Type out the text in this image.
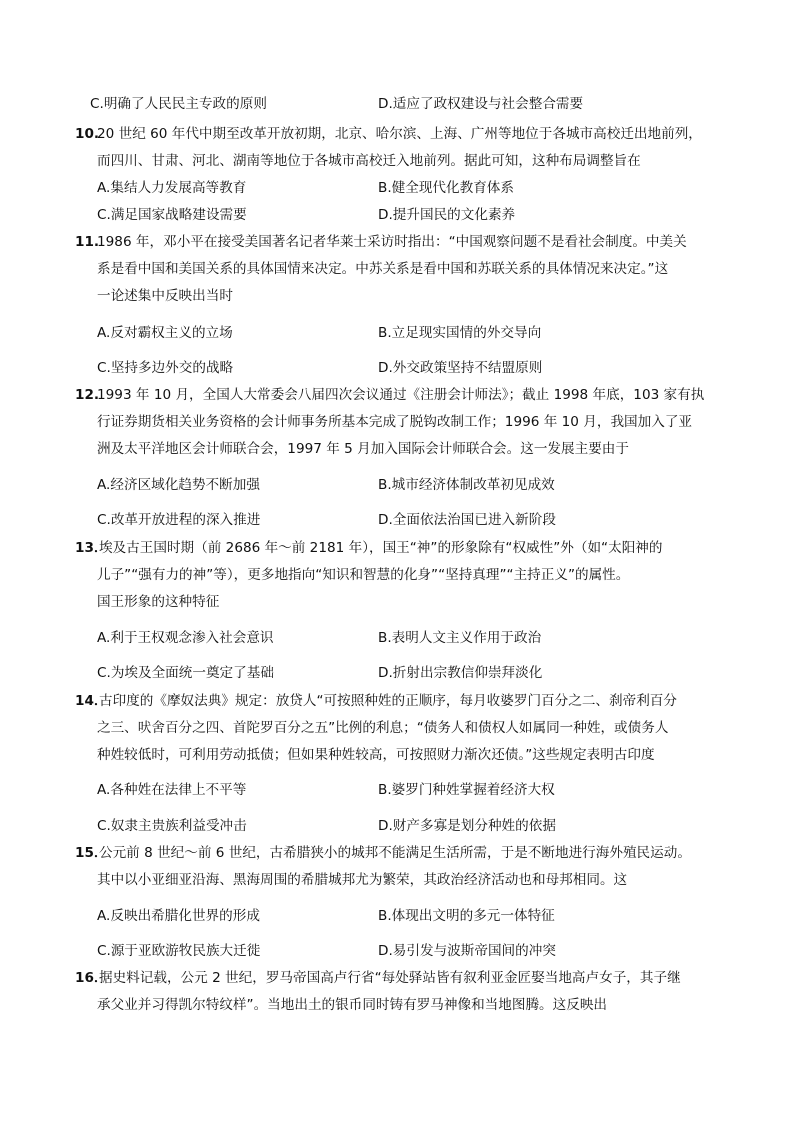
C.明确了人民民主专政的原则	D.适应了政权建设与社会整合需要
10.
20 世纪 60 年代中期至改革开放初期，北京、哈尔滨、上海、广州等地位于各城市高校迁出地前列，
而四川、甘肃、河北、湖南等地位于各城市高校迁入地前列。据此可知，这种布局调整旨在
A.集结人力发展高等教育	B.健全现代化教育体系
C.满足国家战略建设需要	D.提升国民的文化素养
11.
1986 年，邓小平在接受美国著名记者华莱士采访时指出：“中国观察问题不是看社会制度。中美关
系是看中国和美国关系的具体国情来决定。中苏关系是看中国和苏联关系的具体情况来决定。”这
一论述集中反映出当时
A.反对霸权主义的立场	B.立足现实国情的外交导向
C.坚持多边外交的战略	D.外交政策坚持不结盟原则
12.
1993 年 10 月，全国人大常委会八届四次会议通过《注册会计师法》；截止 1998 年底，103 家有执
行证券期货相关业务资格的会计师事务所基本完成了脱钩改制工作；1996 年 10 月，我国加入了亚
洲及太平洋地区会计师联合会，1997 年 5 月加入国际会计师联合会。这一发展主要由于
A.经济区域化趋势不断加强	B.城市经济体制改革初见成效
C.改革开放进程的深入推进	D.全面依法治国已进入新阶段
13．
埃及古王国时期（前 2686 年～前 2181 年），国王“神”的形象除有“权威性”外（如“太阳神的
儿子”“强有力的神”等），更多地指向“知识和智慧的化身”“坚持真理”“主持正义”的属性。
国王形象的这种特征
A.利于王权观念渗入社会意识	B.表明人文主义作用于政治
C.为埃及全面统一奠定了基础	D.折射出宗教信仰崇拜淡化
14．
古印度的《摩奴法典》规定：放贷人“可按照种姓的正顺序，每月收婆罗门百分之二、刹帝利百分
之三、吠舍百分之四、首陀罗百分之五”比例的利息；“债务人和债权人如属同一种姓，或债务人
种姓较低时，可利用劳动抵债；但如果种姓较高，可按照财力渐次还债。”这些规定表明古印度
A.各种姓在法律上不平等	B.婆罗门种姓掌握着经济大权
C.奴隶主贵族利益受冲击	D.财产多寡是划分种姓的依据
15．
公元前 8 世纪～前 6 世纪，古希腊狭小的城邦不能满足生活所需，于是不断地进行海外殖民运动。
其中以小亚细亚沿海、黑海周围的希腊城邦尤为繁荣，其政治经济活动也和母邦相同。这
A.反映出希腊化世界的形成	B.体现出文明的多元一体特征
C.源于亚欧游牧民族大迁徙	D.易引发与波斯帝国间的冲突
16．
据史料记载，公元 2 世纪，罗马帝国高卢行省“每处驿站皆有叙利亚金匠娶当地高卢女子，其子继
承父业并习得凯尔特纹样”。当地出土的银币同时铸有罗马神像和当地图腾。这反映出
